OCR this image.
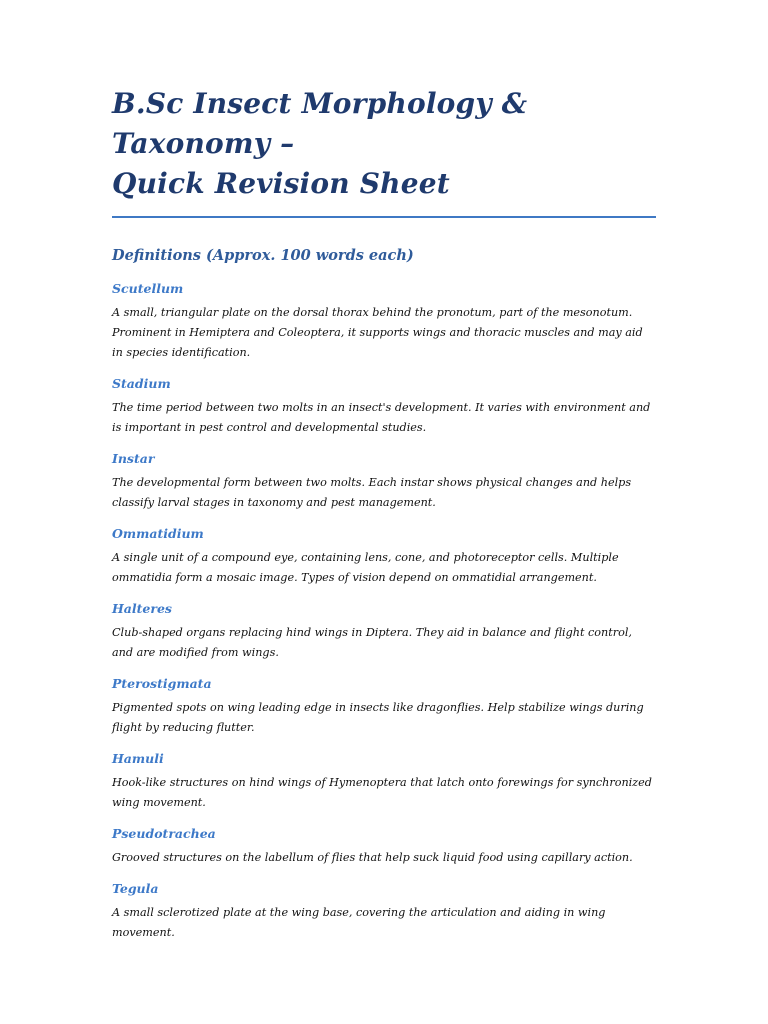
B.Sc Insect Morphology & Taxonomy –
Quick Revision Sheet
Definitions (Approx. 100 words each)
Scutellum

A small, triangular plate on the dorsal thorax behind the pronotum, part of the mesonotum. Prominent in Hemiptera and Coleoptera, it supports wings and thoracic muscles and may aid in species identification.

Stadium

The time period between two molts in an insect's development. It varies with environment and is important in pest control and developmental studies.

Instar

The developmental form between two molts. Each instar shows physical changes and helps classify larval stages in taxonomy and pest management.

Ommatidium

A single unit of a compound eye, containing lens, cone, and photoreceptor cells. Multiple ommatidia form a mosaic image. Types of vision depend on ommatidial arrangement.

Halteres

Club-shaped organs replacing hind wings in Diptera. They aid in balance and flight control, and are modified from wings.

Pterostigmata

Pigmented spots on wing leading edge in insects like dragonflies. Help stabilize wings during flight by reducing flutter.

Hamuli

Hook-like structures on hind wings of Hymenoptera that latch onto forewings for synchronized wing movement.

Pseudotrachea

Grooved structures on the labellum of flies that help suck liquid food using capillary action.

Tegula

A small sclerotized plate at the wing base, covering the articulation and aiding in wing movement.
